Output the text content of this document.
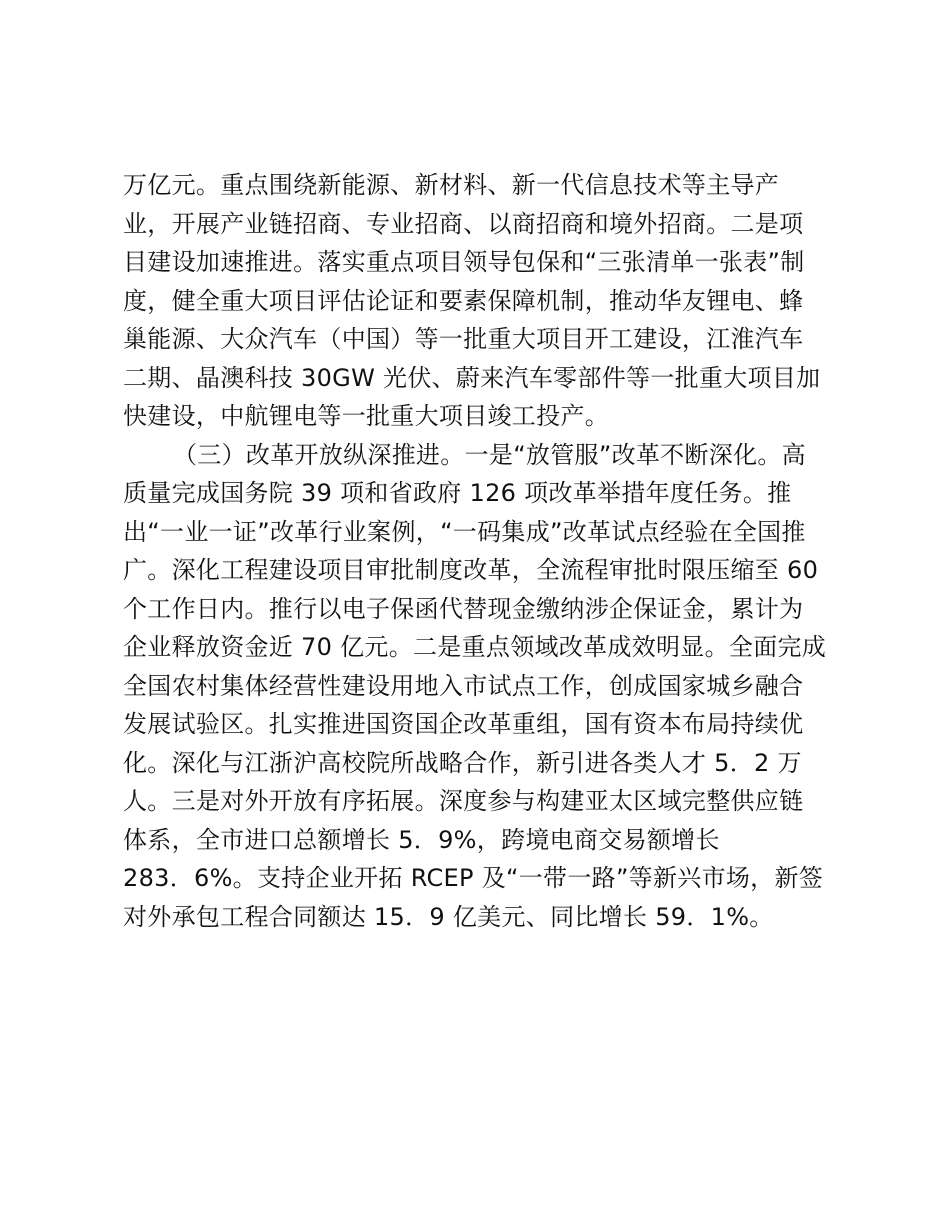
万亿元。重点围绕新能源、新材料、新一代信息技术等主导产
业，开展产业链招商、专业招商、以商招商和境外招商。二是项
目建设加速推进。落实重点项目领导包保和“三张清单一张表”制
度，健全重大项目评估论证和要素保障机制，推动华友锂电、蜂
巢能源、大众汽车（中国）等一批重大项目开工建设，江淮汽车
二期、晶澳科技 30GW 光伏、蔚来汽车零部件等一批重大项目加
快建设，中航锂电等一批重大项目竣工投产。
（三）改革开放纵深推进。一是“放管服”改革不断深化。高
质量完成国务院 39 项和省政府 126 项改革举措年度任务。推
出“一业一证”改革行业案例，“一码集成”改革试点经验在全国推
广。深化工程建设项目审批制度改革，全流程审批时限压缩至 60
个工作日内。推行以电子保函代替现金缴纳涉企保证金，累计为
企业释放资金近 70 亿元。二是重点领域改革成效明显。全面完成
全国农村集体经营性建设用地入市试点工作，创成国家城乡融合
发展试验区。扎实推进国资国企改革重组，国有资本布局持续优
化。深化与江浙沪高校院所战略合作，新引进各类人才 5．2 万
人。三是对外开放有序拓展。深度参与构建亚太区域完整供应链
体系，全市进口总额增长 5．9%，跨境电商交易额增长
283．6%。支持企业开拓 RCEP 及“一带一路”等新兴市场，新签
对外承包工程合同额达 15．9 亿美元、同比增长 59．1%。
